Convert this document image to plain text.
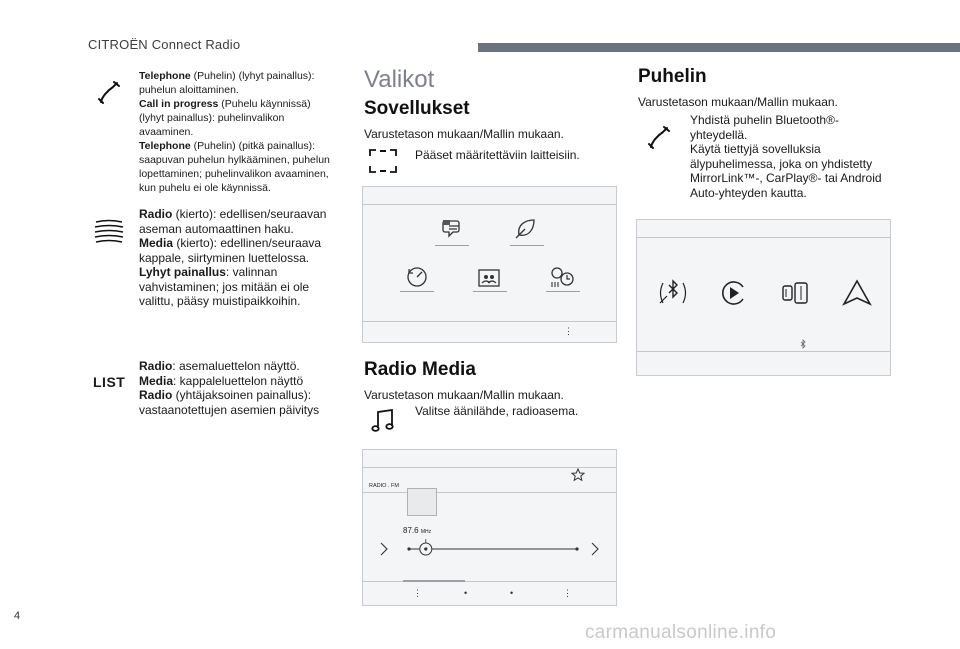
CITROËN Connect Radio
Telephone (Puhelin) (lyhyt painallus):
puhelun aloittaminen.
Call in progress (Puhelu käynnissä)
(lyhyt painallus): puhelinvalikon
avaaminen.
Telephone (Puhelin) (pitkä painallus):
saapuvan puhelun hylkääminen, puhelun
lopettaminen; puhelinvalikon avaaminen,
kun puhelu ei ole käynnissä.
Radio (kierto): edellisen/seuraavan
aseman automaattinen haku.
Media (kierto): edellinen/seuraava
kappale, siirtyminen luettelossa.
Lyhyt painallus: valinnan
vahvistaminen; jos mitään ei ole
valittu, pääsy muistipaikkoihin.
LIST
Radio: asemaluettelon näyttö.
Media: kappaleluettelon näyttö
Radio (yhtäjaksoinen painallus):
vastaanotettujen asemien päivitys
Valikot
Sovellukset
Varustetason mukaan/Mallin mukaan.
Pääset määritettäviin laitteisiin.
⋮
Radio Media
Varustetason mukaan/Mallin mukaan.
Valitse äänilähde, radioasema.
RADIO . FM
87.6 MHz
⋮	•	•	⋮
Puhelin
Varustetason mukaan/Mallin mukaan.
Yhdistä puhelin Bluetooth®-
yhteydellä.
Käytä tiettyjä sovelluksia
älypuhelimessa, joka on yhdistetty
MirrorLink™-, CarPlay®- tai Android
Auto-yhteyden kautta.
4
carmanualsonline.info
